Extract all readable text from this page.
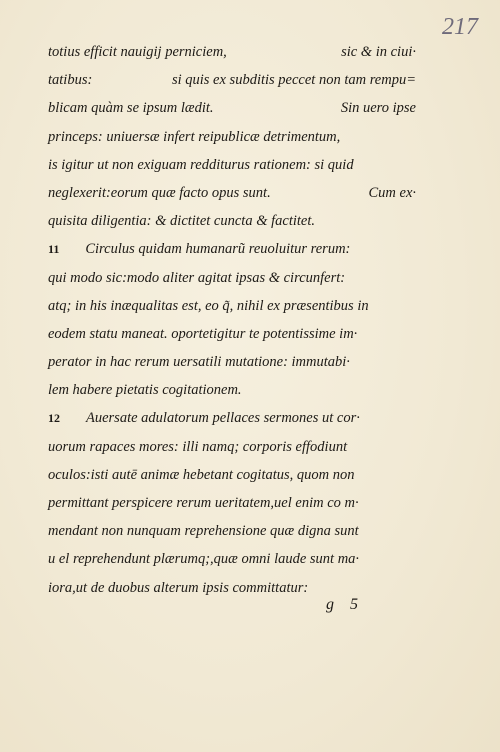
217
totius efficit nauigij perniciem,	sic & in ciui·
tatibus:	si quis ex subditis peccet non tam rempu=
blicam quàm se ipsum lædit.	Sin uero ipse
princeps: uniuersæ infert reipublicæ detrimentum,
is igitur ut non exiguam redditurus rationem: si quid
neglexerit:eorum quæ facto opus sunt.	Cum ex·
quisita diligentia: & dictitet cuncta & factitet.
11 Circulus quidam humanarũ reuoluitur rerum:
qui modo sic:modo aliter agitat ipsas & circunfert:
atq; in his inæqualitas est, eo q̃, nihil ex præsentibus in
eodem statu maneat. oportetigitur te potentissime im·
perator in hac rerum uersatili mutatione: immutabi·
lem habere pietatis cogitationem.
12 Auersate adulatorum pellaces sermones ut cor·
uorum rapaces mores: illi namq; corporis effodiunt
oculos:isti autē animæ hebetant cogitatus, quom non
permittant perspicere rerum ueritatem,uel enim co m·
mendant non nunquam reprehensione quæ digna sunt
u el reprehendunt plærumq;,quæ omni laude sunt ma·
iora,ut de duobus alterum ipsis committatur:
g 5
